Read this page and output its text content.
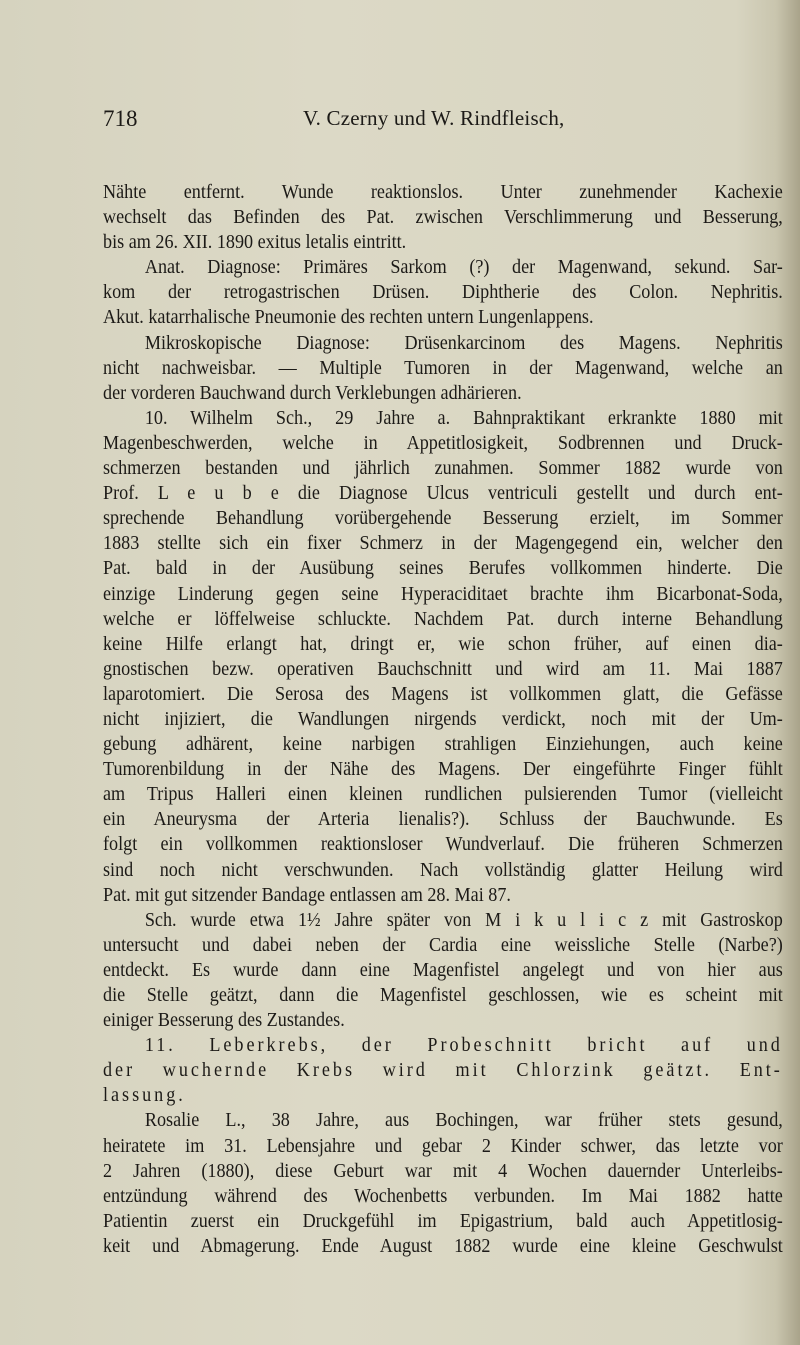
718	V. Czerny und W. Rindfleisch,
Nähte entfernt. Wunde reaktionslos. Unter zunehmender Kachexie
wechselt das Befinden des Pat. zwischen Verschlimmerung und Besserung,
bis am 26. XII. 1890 exitus letalis eintritt.
Anat. Diagnose: Primäres Sarkom (?) der Magenwand, sekund. Sar-
kom der retrogastrischen Drüsen. Diphtherie des Colon. Nephritis.
Akut. katarrhalische Pneumonie des rechten untern Lungenlappens.
Mikroskopische Diagnose: Drüsenkarcinom des Magens. Nephritis
nicht nachweisbar. — Multiple Tumoren in der Magenwand, welche an
der vorderen Bauchwand durch Verklebungen adhärieren.
10. Wilhelm Sch., 29 Jahre a. Bahnpraktikant erkrankte 1880 mit
Magenbeschwerden, welche in Appetitlosigkeit, Sodbrennen und Druck-
schmerzen bestanden und jährlich zunahmen. Sommer 1882 wurde von
Prof. L e u b e die Diagnose Ulcus ventriculi gestellt und durch ent-
sprechende Behandlung vorübergehende Besserung erzielt, im Sommer
1883 stellte sich ein fixer Schmerz in der Magengegend ein, welcher den
Pat. bald in der Ausübung seines Berufes vollkommen hinderte. Die
einzige Linderung gegen seine Hyperaciditaet brachte ihm Bicarbonat-Soda,
welche er löffelweise schluckte. Nachdem Pat. durch interne Behandlung
keine Hilfe erlangt hat, dringt er, wie schon früher, auf einen dia-
gnostischen bezw. operativen Bauchschnitt und wird am 11. Mai 1887
laparotomiert. Die Serosa des Magens ist vollkommen glatt, die Gefässe
nicht injiziert, die Wandlungen nirgends verdickt, noch mit der Um-
gebung adhärent, keine narbigen strahligen Einziehungen, auch keine
Tumorenbildung in der Nähe des Magens. Der eingeführte Finger fühlt
am Tripus Halleri einen kleinen rundlichen pulsierenden Tumor (vielleicht
ein Aneurysma der Arteria lienalis?). Schluss der Bauchwunde. Es
folgt ein vollkommen reaktionsloser Wundverlauf. Die früheren Schmerzen
sind noch nicht verschwunden. Nach vollständig glatter Heilung wird
Pat. mit gut sitzender Bandage entlassen am 28. Mai 87.
Sch. wurde etwa 1½ Jahre später von M i k u l i c z mit Gastroskop
untersucht und dabei neben der Cardia eine weissliche Stelle (Narbe?)
entdeckt. Es wurde dann eine Magenfistel angelegt und von hier aus
die Stelle geätzt, dann die Magenfistel geschlossen, wie es scheint mit
einiger Besserung des Zustandes.
11. Leberkrebs, der Probeschnitt bricht auf und
der wuchernde Krebs wird mit Chlorzink geätzt. Ent-
lassung.
Rosalie L., 38 Jahre, aus Bochingen, war früher stets gesund,
heiratete im 31. Lebensjahre und gebar 2 Kinder schwer, das letzte vor
2 Jahren (1880), diese Geburt war mit 4 Wochen dauernder Unterleibs-
entzündung während des Wochenbetts verbunden. Im Mai 1882 hatte
Patientin zuerst ein Druckgefühl im Epigastrium, bald auch Appetitlosig-
keit und Abmagerung. Ende August 1882 wurde eine kleine Geschwulst
